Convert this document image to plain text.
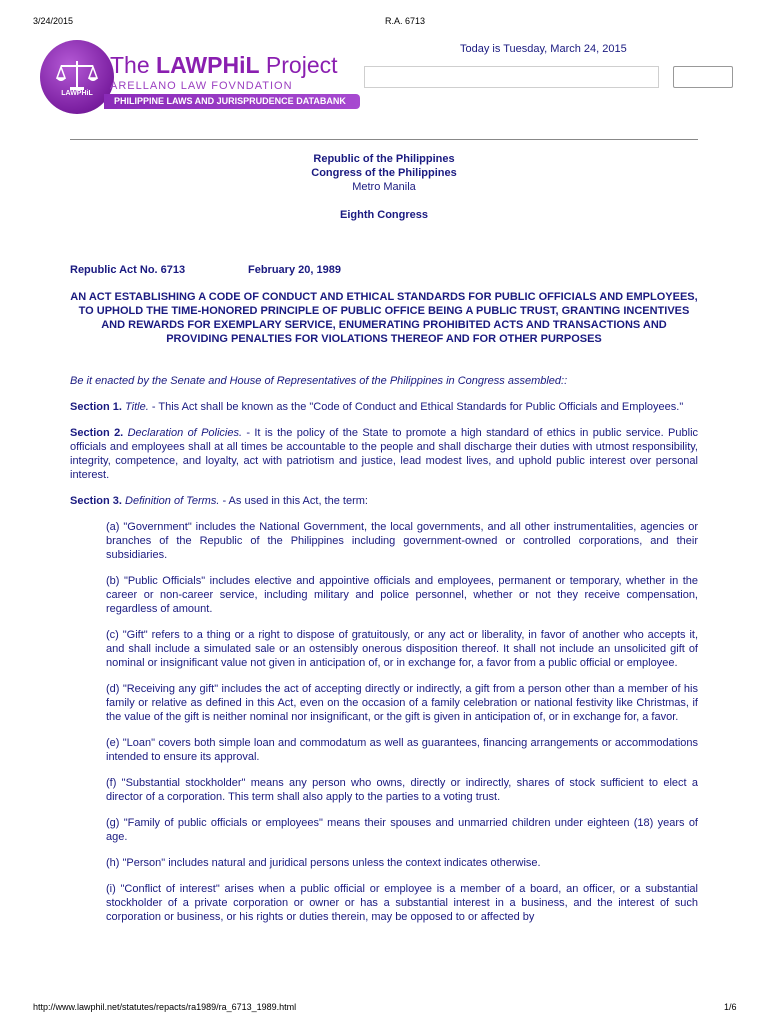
3/24/2015	R.A. 6713
LAWPHiL
The LAWPHiL Project
ARELLANO LAW FOVNDATION
PHILIPPINE LAWS AND JURISPRUDENCE DATABANK
Today is Tuesday, March 24, 2015
Republic of the Philippines
Congress of the Philippines
Metro Manila
Eighth Congress
Republic Act No. 6713	February 20, 1989
AN ACT ESTABLISHING A CODE OF CONDUCT AND ETHICAL STANDARDS FOR PUBLIC OFFICIALS AND EMPLOYEES, TO UPHOLD THE TIME-HONORED PRINCIPLE OF PUBLIC OFFICE BEING A PUBLIC TRUST, GRANTING INCENTIVES AND REWARDS FOR EXEMPLARY SERVICE, ENUMERATING PROHIBITED ACTS AND TRANSACTIONS AND PROVIDING PENALTIES FOR VIOLATIONS THEREOF AND FOR OTHER PURPOSES

Be it enacted by the Senate and House of Representatives of the Philippines in Congress assembled::

Section 1. Title. - This Act shall be known as the "Code of Conduct and Ethical Standards for Public Officials and Employees."

Section 2. Declaration of Policies. - It is the policy of the State to promote a high standard of ethics in public service. Public officials and employees shall at all times be accountable to the people and shall discharge their duties with utmost responsibility, integrity, competence, and loyalty, act with patriotism and justice, lead modest lives, and uphold public interest over personal interest.

Section 3. Definition of Terms. - As used in this Act, the term:

(a) "Government" includes the National Government, the local governments, and all other instrumentalities, agencies or branches of the Republic of the Philippines including government-owned or controlled corporations, and their subsidiaries.

(b) "Public Officials" includes elective and appointive officials and employees, permanent or temporary, whether in the career or non-career service, including military and police personnel, whether or not they receive compensation, regardless of amount.

(c) "Gift" refers to a thing or a right to dispose of gratuitously, or any act or liberality, in favor of another who accepts it, and shall include a simulated sale or an ostensibly onerous disposition thereof. It shall not include an unsolicited gift of nominal or insignificant value not given in anticipation of, or in exchange for, a favor from a public official or employee.

(d) "Receiving any gift" includes the act of accepting directly or indirectly, a gift from a person other than a member of his family or relative as defined in this Act, even on the occasion of a family celebration or national festivity like Christmas, if the value of the gift is neither nominal nor insignificant, or the gift is given in anticipation of, or in exchange for, a favor.

(e) "Loan" covers both simple loan and commodatum as well as guarantees, financing arrangements or accommodations intended to ensure its approval.

(f) "Substantial stockholder" means any person who owns, directly or indirectly, shares of stock sufficient to elect a director of a corporation. This term shall also apply to the parties to a voting trust.

(g) "Family of public officials or employees" means their spouses and unmarried children under eighteen (18) years of age.

(h) "Person" includes natural and juridical persons unless the context indicates otherwise.

(i) "Conflict of interest" arises when a public official or employee is a member of a board, an officer, or a substantial stockholder of a private corporation or owner or has a substantial interest in a business, and the interest of such corporation or business, or his rights or duties therein, may be opposed to or affected by

http://www.lawphil.net/statutes/repacts/ra1989/ra_6713_1989.html	1/6
